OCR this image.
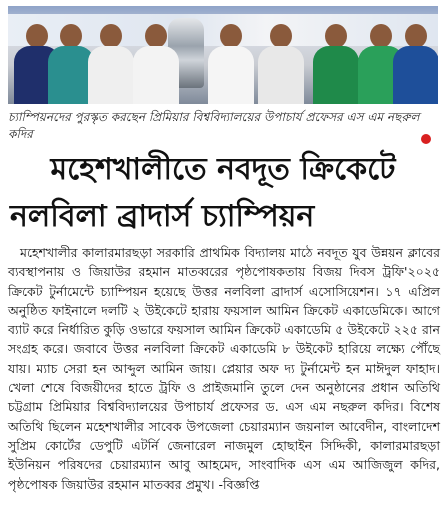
চ্যাম্পিয়নদের পুরস্কৃত করছেন প্রিমিয়ার বিশ্ববিদ্যালয়ের উপাচার্য প্রফেসর এস এম নছরুল কদির
মহেশখালীতে নবদূত ক্রিকেটে
নলবিলা ব্রাদার্স চ্যাম্পিয়ন

মহেশখালীর কালারমারছড়া সরকারি প্রাথমিক বিদ্যালয় মাঠে নবদূত যুব উন্নয়ন ক্লাবের ব্যবস্থাপনায় ও জিয়াউর রহমান মাতব্বরের পৃষ্ঠপোষকতায় বিজয় দিবস ট্রফি'২০২৫ ক্রিকেট টুর্নামেন্টে চ্যাম্পিয়ন হয়েছে উত্তর নলবিলা ব্রাদার্স এসোসিয়েশন। ১৭ এপ্রিল অনুষ্ঠিত ফাইনালে দলটি ২ উইকেটে হারায় ফয়সাল আমিন ক্রিকেট একাডেমিকে। আগে ব্যাট করে নির্ধারিত কুড়ি ওভারে ফয়সাল আমিন ক্রিকেট একাডেমি ৫ উইকেটে ২২৫ রান সংগ্রহ করে। জবাবে উত্তর নলবিলা ক্রিকেট একাডেমি ৮ উইকেট হারিয়ে লক্ষ্যে পৌঁছে যায়। ম্যাচ সেরা হন আব্দুল আমিন জায়। প্লেয়ার অফ দ্য টুর্নামেন্ট হন মাঈদুল ফাহাদ। খেলা শেষে বিজয়ীদের হাতে ট্রফি ও প্রাইজমানি তুলে দেন অনুষ্ঠানের প্রধান অতিথি চট্টগ্রাম প্রিমিয়ার বিশ্ববিদ্যালয়ের উপাচার্য প্রফেসর ড. এস এম নছরুল কদির। বিশেষ অতিথি ছিলেন মহেশখালীর সাবেক উপজেলা চেয়ারম্যান জয়নাল আবেদীন, বাংলাদেশ সুপ্রিম কোর্টের ডেপুটি এটর্নি জেনারেল নাজমুল হোছাইন সিদ্দিকী, কালারমারছড়া ইউনিয়ন পরিষদের চেয়ারম্যান আবু আহমেদ, সাংবাদিক এস এম আজিজুল কদির, পৃষ্ঠপোষক জিয়াউর রহমান মাতব্বর প্রমুখ। -বিজ্ঞপ্তি
